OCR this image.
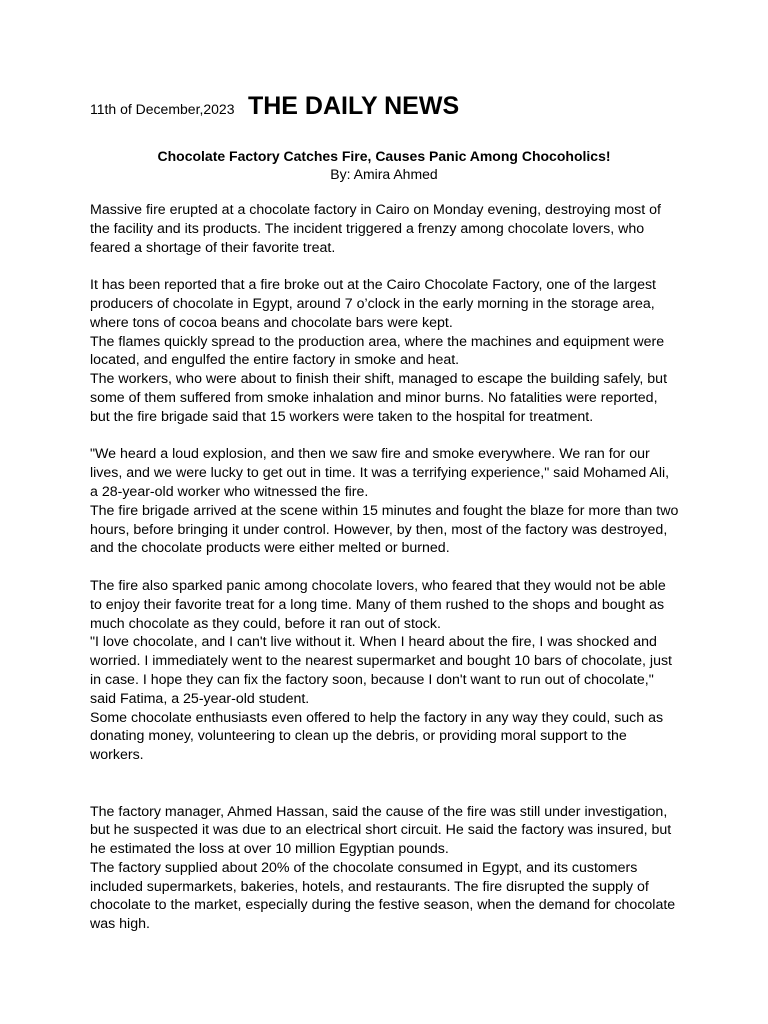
11th of December,2023 THE DAILY NEWS
Chocolate Factory Catches Fire, Causes Panic Among Chocoholics!
By: Amira Ahmed

Massive fire erupted at a chocolate factory in Cairo on Monday evening, destroying most of the facility and its products. The incident triggered a frenzy among chocolate lovers, who feared a shortage of their favorite treat.

It has been reported that a fire broke out at the Cairo Chocolate Factory, one of the largest producers of chocolate in Egypt, around 7 o’clock in the early morning in the storage area, where tons of cocoa beans and chocolate bars were kept.

The flames quickly spread to the production area, where the machines and equipment were located, and engulfed the entire factory in smoke and heat.

The workers, who were about to finish their shift, managed to escape the building safely, but some of them suffered from smoke inhalation and minor burns. No fatalities were reported, but the fire brigade said that 15 workers were taken to the hospital for treatment.

"We heard a loud explosion, and then we saw fire and smoke everywhere. We ran for our lives, and we were lucky to get out in time. It was a terrifying experience," said Mohamed Ali, a 28-year-old worker who witnessed the fire.

The fire brigade arrived at the scene within 15 minutes and fought the blaze for more than two hours, before bringing it under control. However, by then, most of the factory was destroyed, and the chocolate products were either melted or burned.

The fire also sparked panic among chocolate lovers, who feared that they would not be able to enjoy their favorite treat for a long time. Many of them rushed to the shops and bought as much chocolate as they could, before it ran out of stock.

"I love chocolate, and I can't live without it. When I heard about the fire, I was shocked and worried. I immediately went to the nearest supermarket and bought 10 bars of chocolate, just in case. I hope they can fix the factory soon, because I don't want to run out of chocolate," said Fatima, a 25-year-old student.

Some chocolate enthusiasts even offered to help the factory in any way they could, such as donating money, volunteering to clean up the debris, or providing moral support to the workers.

The factory manager, Ahmed Hassan, said the cause of the fire was still under investigation, but he suspected it was due to an electrical short circuit. He said the factory was insured, but he estimated the loss at over 10 million Egyptian pounds.

The factory supplied about 20% of the chocolate consumed in Egypt, and its customers included supermarkets, bakeries, hotels, and restaurants. The fire disrupted the supply of chocolate to the market, especially during the festive season, when the demand for chocolate was high.
